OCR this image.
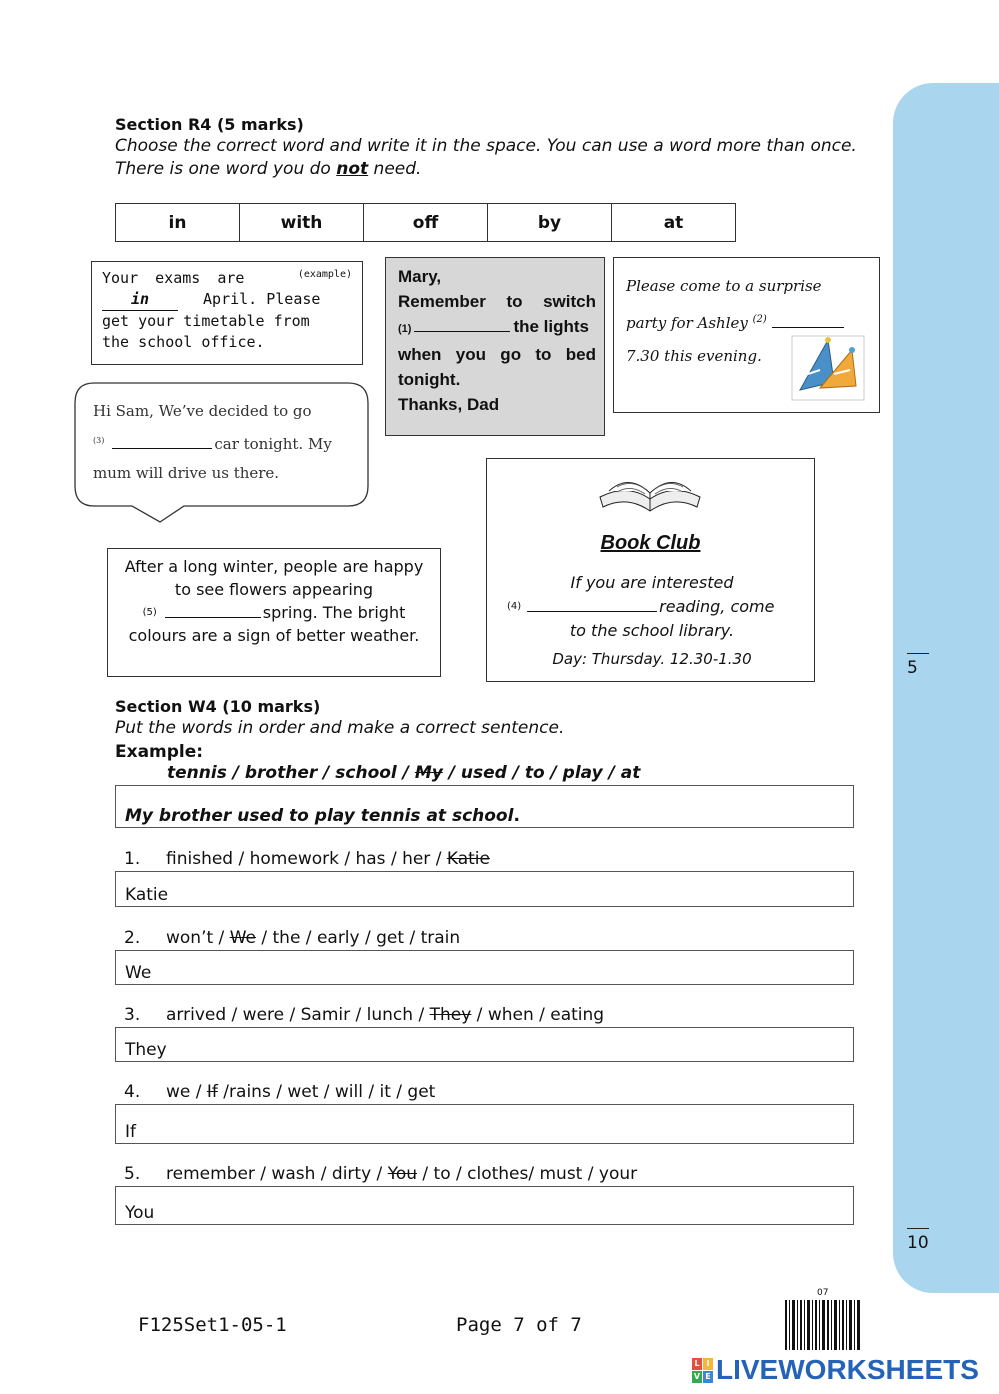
5
10
Section R4 (5 marks)
Choose the correct word and write it in the space. You can use a word more than once.
There is one word you do not need.
in	with	off	by	at
Your exams are	(example)
in	April. Please
get your timetable from
the school office.
Mary,
Remember to switch
(1)	the lights
when you go to bed
tonight.
Thanks, Dad
Please come to a surprise
party for Ashley $^{(2)}$
7.30 this evening.
Hi Sam, We’ve decided to go
$^{(3)}$	car tonight. My
mum will drive us there.
Book Club
If you are interested
(4)	reading, come
to the school library.
Day: Thursday. 12.30-1.30
After a long winter, people are happy
to see flowers appearing
(5)	spring. The bright
colours are a sign of better weather.
Section W4 (10 marks)
Put the words in order and make a correct sentence.
Example:
tennis / brother / school / My / used / to / play / at
My brother used to play tennis at school.
1. finished / homework / has / her / Katie
Katie
2. won’t / We / the / early / get / train
We
3. arrived / were / Samir / lunch / They / when / eating
They
4. we / If /rains / wet / will / it / get
If
5. remember / wash / dirty / You / to / clothes/ must / your
You
F125Set1-05-1	Page 7 of 7
07
L I
V E LIVEWORKSHEETS
